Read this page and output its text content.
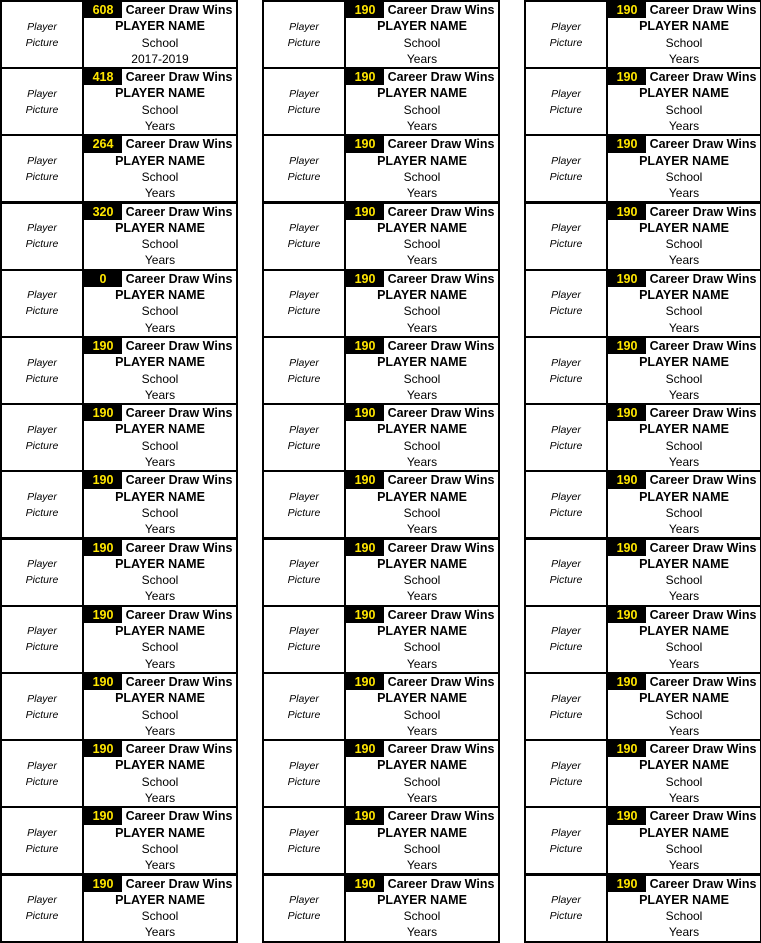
Player
Picture
608 Career Draw Wins
PLAYER NAME
School
2017-2019
Player
Picture
418 Career Draw Wins
PLAYER NAME
School
Years
Player
Picture
264 Career Draw Wins
PLAYER NAME
School
Years
Player
Picture
320 Career Draw Wins
PLAYER NAME
School
Years
Player
Picture
0	Career Draw Wins
PLAYER NAME
School
Years
Player
Picture
190 Career Draw Wins
PLAYER NAME
School
Years
Player
Picture
190 Career Draw Wins
PLAYER NAME
School
Years
Player
Picture
190 Career Draw Wins
PLAYER NAME
School
Years
Player
Picture
190 Career Draw Wins
PLAYER NAME
School
Years
Player
Picture
190 Career Draw Wins
PLAYER NAME
School
Years
Player
Picture
190 Career Draw Wins
PLAYER NAME
School
Years
Player
Picture
190 Career Draw Wins
PLAYER NAME
School
Years
Player
Picture
190 Career Draw Wins
PLAYER NAME
School
Years
Player
Picture
190 Career Draw Wins
PLAYER NAME
School
Years
Player
Picture
190 Career Draw Wins
PLAYER NAME
School
Years
Player
Picture
190 Career Draw Wins
PLAYER NAME
School
Years
Player
Picture
190 Career Draw Wins
PLAYER NAME
School
Years
Player
Picture
190 Career Draw Wins
PLAYER NAME
School
Years
Player
Picture
190 Career Draw Wins
PLAYER NAME
School
Years
Player
Picture
190 Career Draw Wins
PLAYER NAME
School
Years
Player
Picture
190 Career Draw Wins
PLAYER NAME
School
Years
Player
Picture
190 Career Draw Wins
PLAYER NAME
School
Years
Player
Picture
190 Career Draw Wins
PLAYER NAME
School
Years
Player
Picture
190 Career Draw Wins
PLAYER NAME
School
Years
Player
Picture
190 Career Draw Wins
PLAYER NAME
School
Years
Player
Picture
190 Career Draw Wins
PLAYER NAME
School
Years
Player
Picture
190 Career Draw Wins
PLAYER NAME
School
Years
Player
Picture
190 Career Draw Wins
PLAYER NAME
School
Years
Player
Picture
190 Career Draw Wins
PLAYER NAME
School
Years
Player
Picture
190 Career Draw Wins
PLAYER NAME
School
Years
Player
Picture
190 Career Draw Wins
PLAYER NAME
School
Years
Player
Picture
190 Career Draw Wins
PLAYER NAME
School
Years
Player
Picture
190 Career Draw Wins
PLAYER NAME
School
Years
Player
Picture
190 Career Draw Wins
PLAYER NAME
School
Years
Player
Picture
190 Career Draw Wins
PLAYER NAME
School
Years
Player
Picture
190 Career Draw Wins
PLAYER NAME
School
Years
Player
Picture
190 Career Draw Wins
PLAYER NAME
School
Years
Player
Picture
190 Career Draw Wins
PLAYER NAME
School
Years
Player
Picture
190 Career Draw Wins
PLAYER NAME
School
Years
Player
Picture
190 Career Draw Wins
PLAYER NAME
School
Years
Player
Picture
190 Career Draw Wins
PLAYER NAME
School
Years
Player
Picture
190 Career Draw Wins
PLAYER NAME
School
Years
